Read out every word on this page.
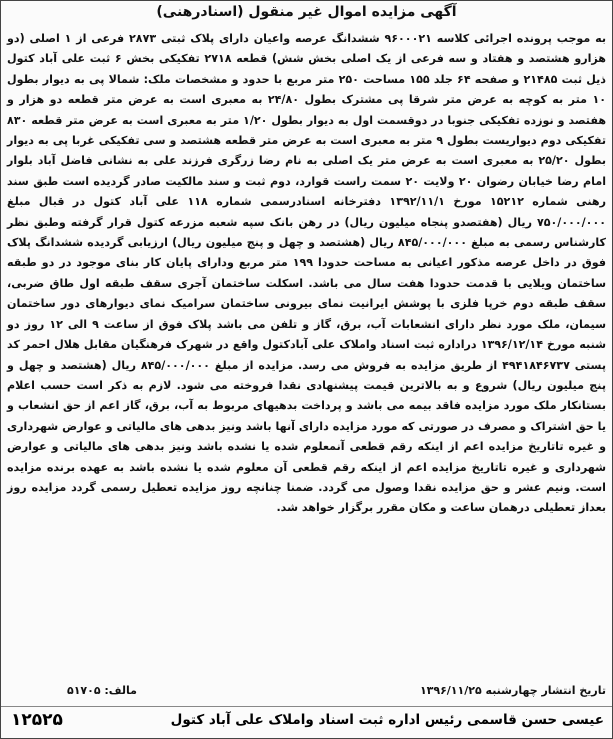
آگهی مزایده اموال غیر منقول (اسنادرهنی)

به موجب پرونده اجرائی کلاسه ۹۶۰۰۰۲۱ ششدانگ عرصه واعیان دارای پلاک ثبتی ۲۸۷۳ فرعی از ۱ اصلی (دو هزارو هشتصد و هفتاد و سه فرعی از یک اصلی بخش شش) قطعه ۲۷۱۸ تفکیکی بخش ۶ ثبت علی آباد کتول ذیل ثبت ۲۱۴۸۵ و صفحه ۶۴ جلد ۱۵۵ مساحت ۲۵۰ متر مربع با حدود و مشخصات ملک: شمالا پی به دیوار بطول ۱۰ متر به کوچه به عرض متر شرقا پی مشترک بطول ۲۴/۸۰ به معبری است به عرض متر قطعه دو هزار و هفتصد و نوزده تفکیکی جنوبا در دوقسمت اول به دیوار بطول ۱/۲۰ متر به معبری است به عرض متر قطعه ۸۳۰ تفکیکی دوم دیواریست بطول ۹ متر به معبری است به عرض متر قطعه هشتصد و سی تفکیکی غربا پی به دیوار بطول ۲۵/۲۰ به معبری است به عرض متر یک اصلی به نام رضا زرگری فرزند علی به نشانی فاضل آباد بلوار امام رضا خیابان رضوان ۲۰ ولایت ۲۰ سمت راست قوارد، دوم ثبت و سند مالکیت صادر گردیده است طبق سند رهنی شماره ۱۵۲۱۲ مورخ ۱۳۹۲/۱۱/۱ دفترخانه اسنادرسمی شماره ۱۱۸ علی آباد کتول در قبال مبلغ ۷۵۰/۰۰۰/۰۰۰ ریال (هفتصدو پنجاه میلیون ریال) در رهن بانک سپه شعبه مزرعه کتول قرار گرفته وطبق نظر کارشناس رسمی به مبلغ ۸۴۵/۰۰۰/۰۰۰ ریال (هشتصد و چهل و پنج میلیون ریال) ارزیابی گردیده ششدانگ پلاک فوق در داخل عرصه مذکور اعیانی به مساحت حدودا ۱۹۹ متر مربع ودارای پایان کار بنای موجود در دو طبقه ساختمان ویلایی با قدمت حدودا هفت سال می باشد. اسکلت ساختمان آجری سقف طبقه اول طاق ضربی، سقف طبقه دوم خرپا فلزی با پوشش ایرانیت نمای بیرونی ساختمان سرامیک نمای دیوارهای دور ساختمان سیمان، ملک مورد نظر دارای انشعابات آب، برق، گاز و تلفن می باشد پلاک فوق از ساعت ۹ الی ۱۲ روز دو شنبه مورخ ۱۳۹۶/۱۲/۱۴ دراداره ثبت اسناد واملاک علی آبادکتول واقع در شهرک فرهنگیان مقابل هلال احمر کد پستی ۴۹۴۱۸۴۶۷۳۷ از طریق مزایده به فروش می رسد. مزایده از مبلغ ۸۴۵/۰۰۰/۰۰۰ ریال (هشتصد و چهل و پنج میلیون ریال) شروع و به بالاترین قیمت پیشنهادی نقدا فروخته می شود. لازم به ذکر است حسب اعلام بستانکار ملک مورد مزایده فاقد بیمه می باشد و پرداخت بدهیهای مربوط به آب، برق، گاز اعم از حق انشعاب و یا حق اشتراک و مصرف در صورتی که مورد مزایده دارای آنها باشد ونیز بدهی های مالیاتی و عوارض شهرداری و غیره تاتاریخ مزایده اعم از اینکه رقم قطعی آنمعلوم شده یا نشده باشد ونیز بدهی های مالیاتی و عوارض شهرداری و غیره تاتاریخ مزایده اعم از اینکه رقم قطعی آن معلوم شده یا نشده باشد به عهده برنده مزایده است. ونیم عشر و حق مزایده نقدا وصول می گردد. ضمنا چنانچه روز مزایده تعطیل رسمی گردد مزایده روز بعداز تعطیلی درهمان ساعت و مکان مقرر برگزار خواهد شد.

تاریخ انتشار چهارشنبه ۱۳۹۶/۱۱/۲۵
مالف: ۵۱۷۰۵
عیسی حسن قاسمی رئیس اداره ثبت اسناد واملاک علی آباد کتول
۱۲۵۲۵
